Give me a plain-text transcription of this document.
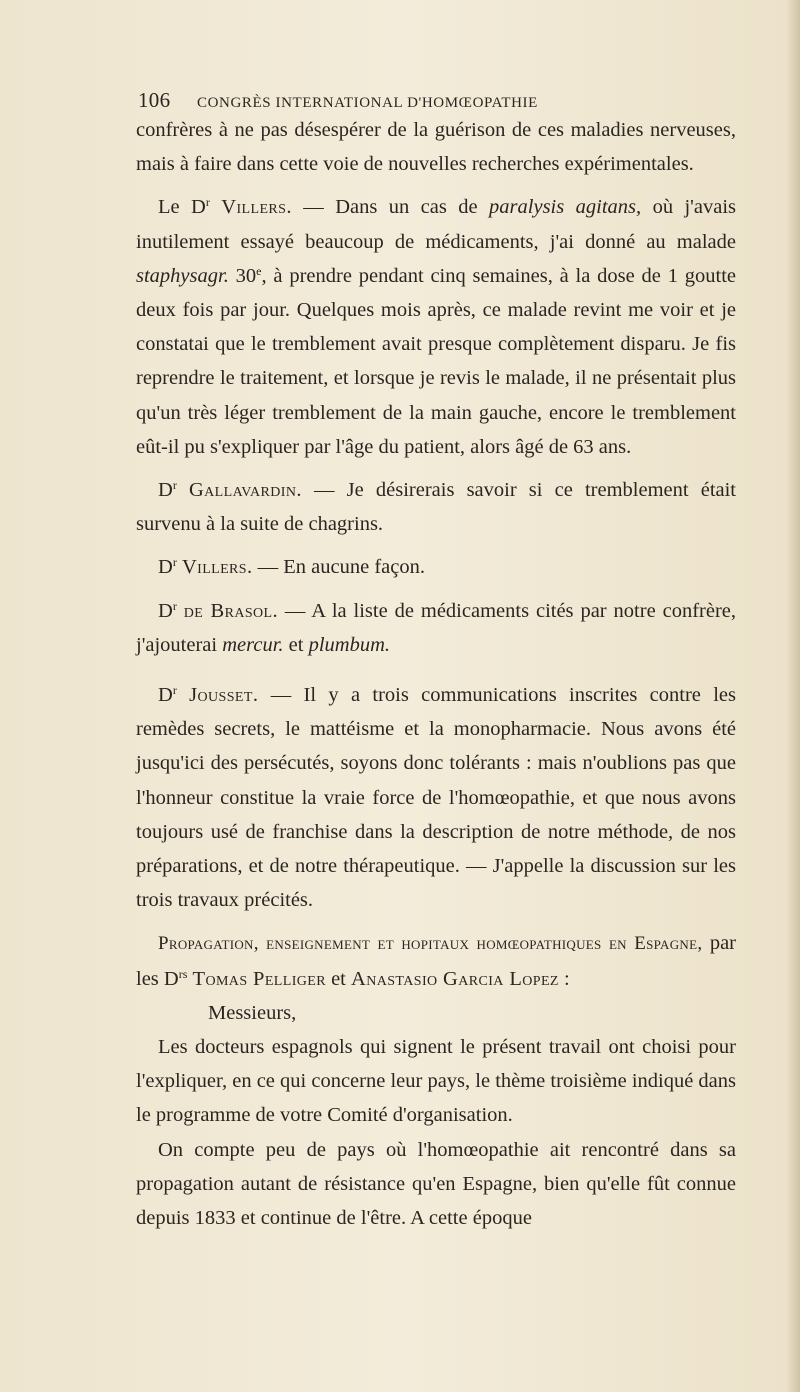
106 CONGRÈS INTERNATIONAL D'HOMŒOPATHIE

confrères à ne pas désespérer de la guérison de ces maladies nerveuses, mais à faire dans cette voie de nouvelles recherches expérimentales.

Le $D^r$ Villers. — Dans un cas de paralysis agitans, où j'avais inutilement essayé beaucoup de médicaments, j'ai donné au malade staphysagr. 30e, à prendre pendant cinq semaines, à la dose de 1 goutte deux fois par jour. Quelques mois après, ce malade revint me voir et je constatai que le tremblement avait presque complètement disparu. Je fis reprendre le traitement, et lorsque je revis le malade, il ne présentait plus qu'un très léger tremblement de la main gauche, encore le tremblement eût-il pu s'expliquer par l'âge du patient, alors âgé de 63 ans.

$D^r$ Gallavardin. — Je désirerais savoir si ce tremblement était survenu à la suite de chagrins.

$D^r$ Villers. — En aucune façon.

$D^r$ de Brasol. — A la liste de médicaments cités par notre confrère, j'ajouterai mercur. et plumbum.

$D^r$ Jousset. — Il y a trois communications inscrites contre les remèdes secrets, le mattéisme et la monopharmacie. Nous avons été jusqu'ici des persécutés, soyons donc tolérants : mais n'oublions pas que l'honneur constitue la vraie force de l'homœopathie, et que nous avons toujours usé de franchise dans la description de notre méthode, de nos préparations, et de notre thérapeutique. — J'appelle la discussion sur les trois travaux précités.

Propagation, enseignement et hopitaux homœopathiques en Espagne, par les $D^{rs}$ Tomas Pelliger et Anastasio Garcia Lopez :

Messieurs,

Les docteurs espagnols qui signent le présent travail ont choisi pour l'expliquer, en ce qui concerne leur pays, le thème troisième indiqué dans le programme de votre Comité d'organisation.

On compte peu de pays où l'homœopathie ait rencontré dans sa propagation autant de résistance qu'en Espagne, bien qu'elle fût connue depuis 1833 et continue de l'être. A cette époque
